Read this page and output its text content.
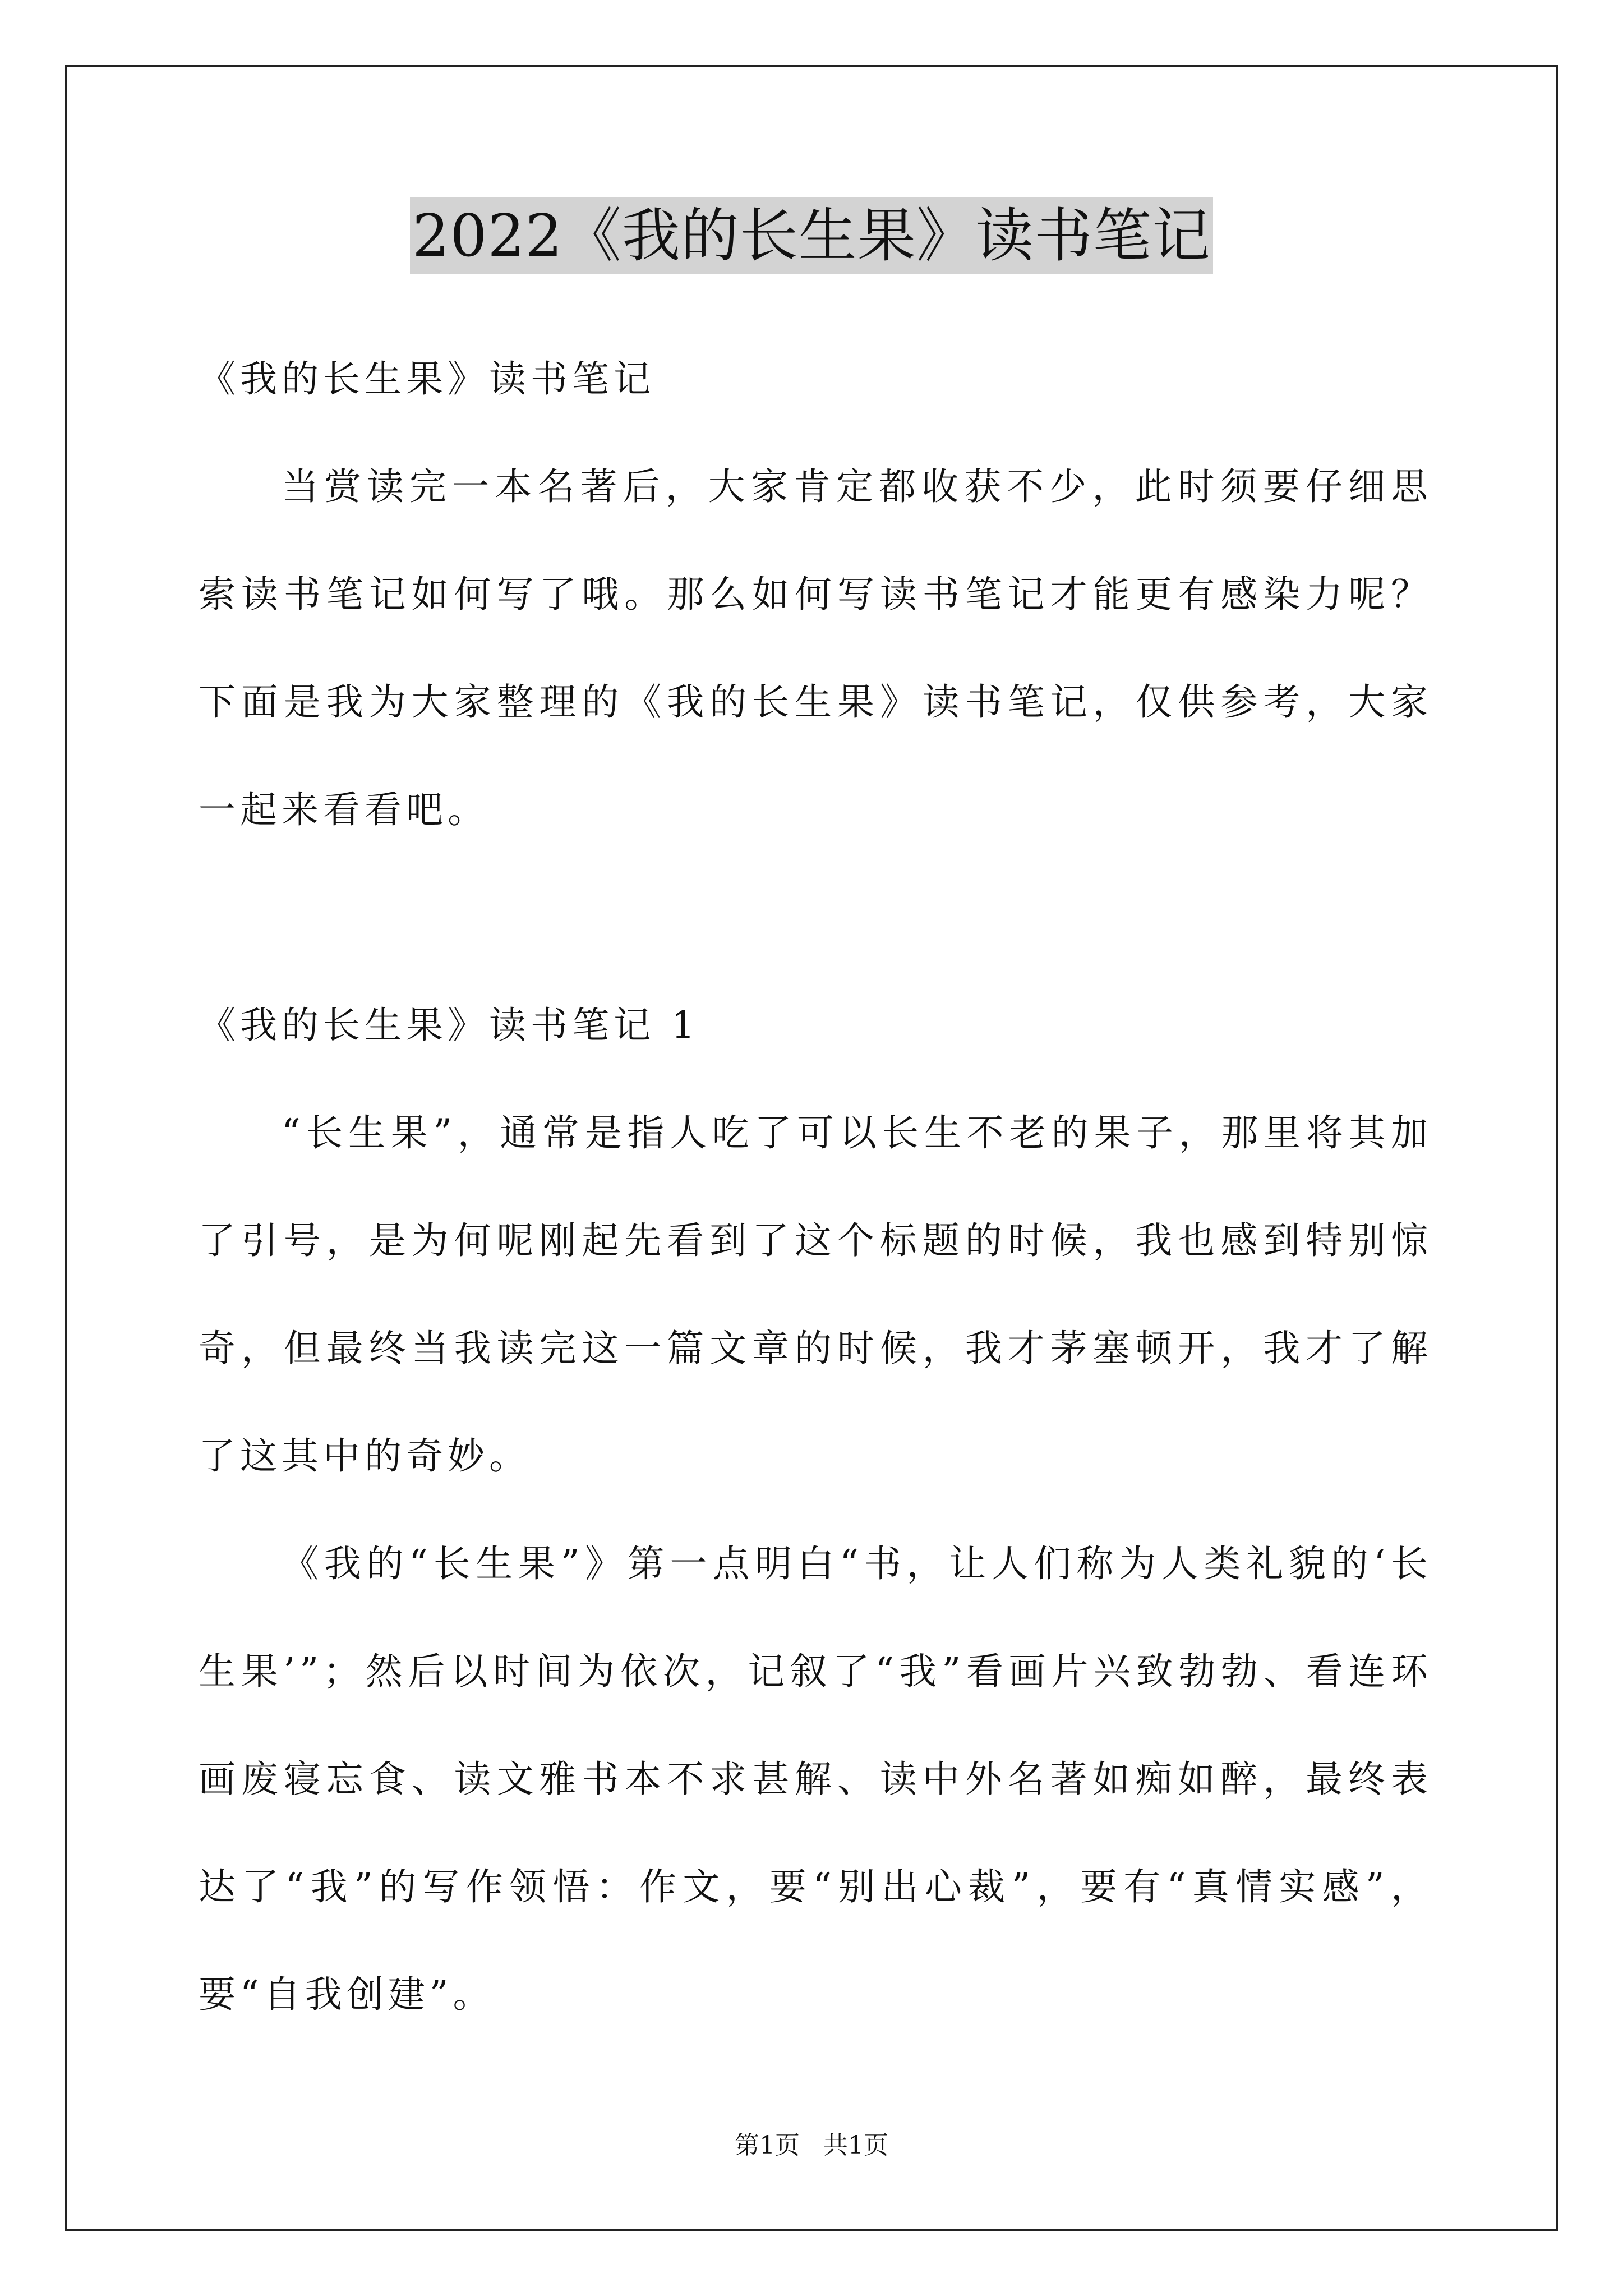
2022《我的长生果》读书笔记

《我的长生果》读书笔记

当赏读完一本名著后，大家肯定都收获不少，此时须要仔细思索读书笔记如何写了哦。那么如何写读书笔记才能更有感染力呢？下面是我为大家整理的《我的长生果》读书笔记，仅供参考，大家一起来看看吧。

《我的长生果》读书笔记 1

“长生果”，通常是指人吃了可以长生不老的果子，那里将其加了引号，是为何呢刚起先看到了这个标题的时候，我也感到特别惊奇，但最终当我读完这一篇文章的时候，我才茅塞顿开，我才了解了这其中的奇妙。

《我的“长生果”》第一点明白“书，让人们称为人类礼貌的‘长生果’”；然后以时间为依次，记叙了“我”看画片兴致勃勃、看连环画废寝忘食、读文雅书本不求甚解、读中外名著如痴如醉，最终表达了“我”的写作领悟：作文，要“别出心裁”，要有“真情实感”，要“自我创建”。

第1页   共1页
